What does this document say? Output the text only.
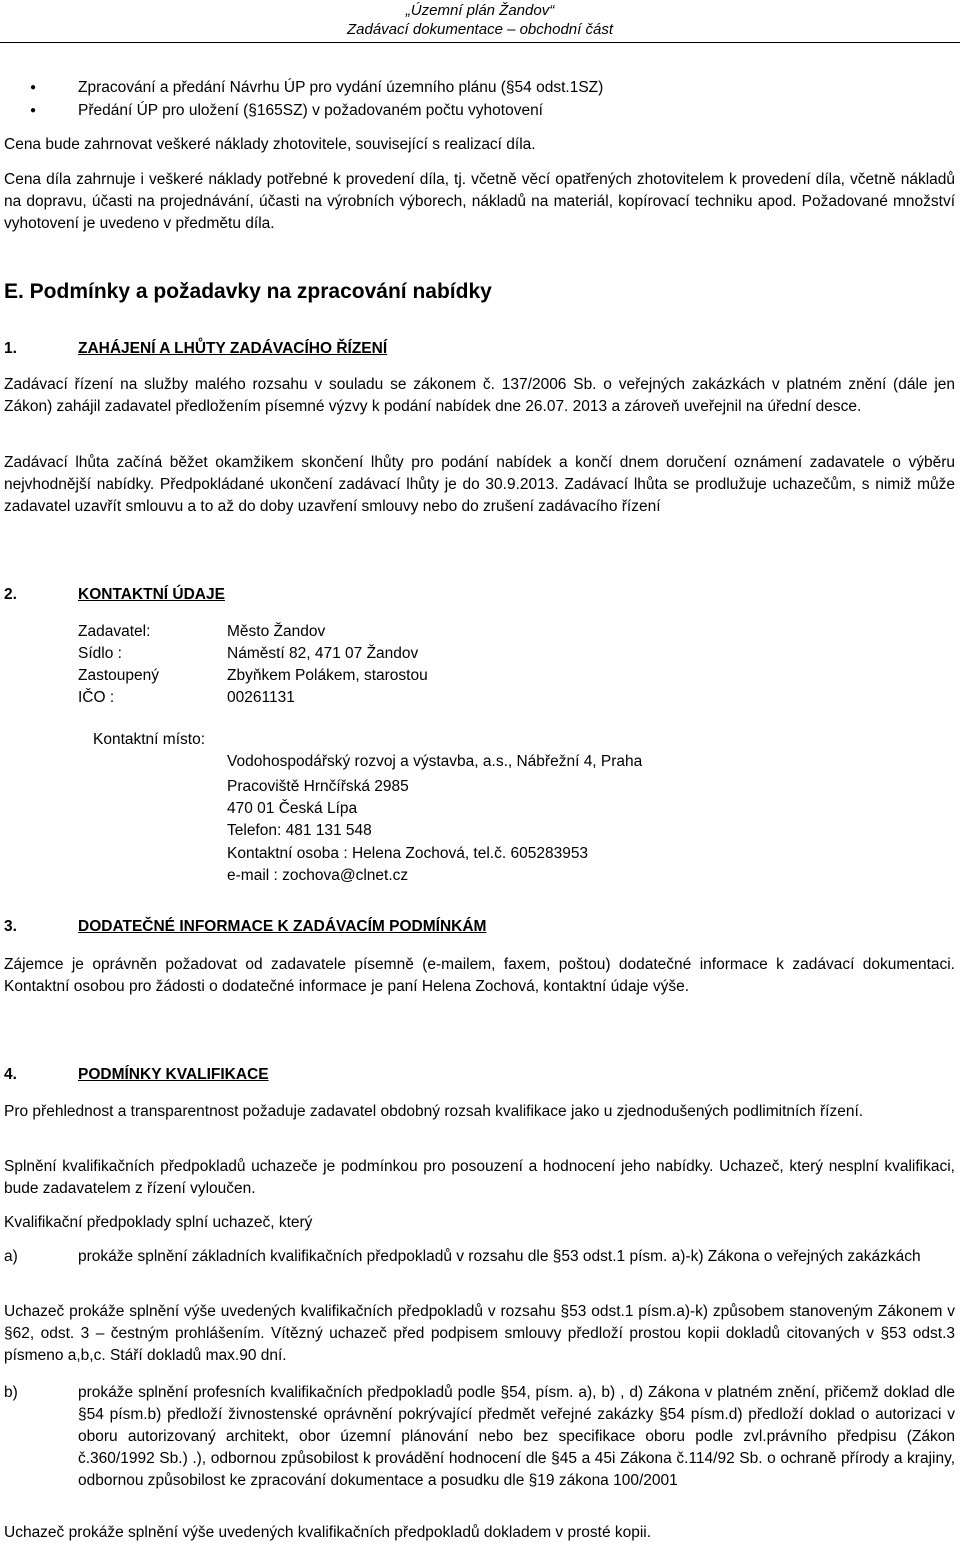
„Územní plán Žandov“
Zadávací dokumentace – obchodní část
●	Zpracování a předání Návrhu ÚP pro vydání územního plánu (§54 odst.1SZ)
●	Předání ÚP pro uložení (§165SZ) v požadovaném počtu vyhotovení
Cena bude zahrnovat veškeré náklady zhotovitele, související s realizací díla.
Cena díla zahrnuje i veškeré náklady potřebné k provedení díla, tj. včetně věcí opatřených zhotovitelem k provedení díla, včetně nákladů na dopravu, účasti na projednávání, účasti na výrobních výborech, nákladů na materiál, kopírovací techniku apod. Požadované množství vyhotovení je uvedeno v předmětu díla.
E. Podmínky a požadavky na zpracování nabídky
1.	ZAHÁJENÍ A LHŮTY ZADÁVACÍHO ŘÍZENÍ
Zadávací řízení na služby malého rozsahu v souladu se zákonem č. 137/2006 Sb. o veřejných zakázkách v platném znění (dále jen Zákon) zahájil zadavatel předložením písemné výzvy k podání nabídek dne 26.07. 2013 a zároveň uveřejnil na úřední desce.
Zadávací lhůta začíná běžet okamžikem skončení lhůty pro podání nabídek a končí dnem doručení oznámení zadavatele o výběru nejvhodnější nabídky. Předpokládané ukončení zadávací lhůty je do 30.9.2013. Zadávací lhůta se prodlužuje uchazečům, s nimiž může zadavatel uzavřít smlouvu a to až do doby uzavření smlouvy nebo do zrušení zadávacího řízení
2.	KONTAKTNÍ ÚDAJE
Zadavatel:	Město Žandov
Sídlo :	Náměstí 82, 471 07 Žandov
Zastoupený	Zbyňkem Polákem, starostou
IČO :	00261131
Kontaktní místo:
Vodohospodářský rozvoj a výstavba, a.s., Nábřežní 4, Praha
Pracoviště Hrnčířská 2985
470 01 Česká Lípa
Telefon: 481 131 548
Kontaktní osoba : Helena Zochová, tel.č. 605283953
e-mail : zochova@clnet.cz
3.	DODATEČNÉ INFORMACE K ZADÁVACÍM PODMÍNKÁM
Zájemce je oprávněn požadovat od zadavatele písemně (e-mailem, faxem, poštou) dodatečné informace k zadávací dokumentaci. Kontaktní osobou pro žádosti o dodatečné informace je paní Helena Zochová, kontaktní údaje výše.
4.	PODMÍNKY KVALIFIKACE
Pro přehlednost a transparentnost požaduje zadavatel obdobný rozsah kvalifikace jako u zjednodušených podlimitních řízení.
Splnění kvalifikačních předpokladů uchazeče je podmínkou pro posouzení a hodnocení jeho nabídky. Uchazeč, který nesplní kvalifikaci, bude zadavatelem z řízení vyloučen.
Kvalifikační předpoklady splní uchazeč, který
a)	prokáže splnění základních kvalifikačních předpokladů v rozsahu dle §53 odst.1 písm. a)-k) Zákona o veřejných zakázkách
Uchazeč prokáže splnění výše uvedených kvalifikačních předpokladů v rozsahu §53 odst.1 písm.a)-k) způsobem stanoveným Zákonem v §62, odst. 3 – čestným prohlášením. Vítězný uchazeč před podpisem smlouvy předloží prostou kopii dokladů citovaných v §53 odst.3 písmeno a,b,c. Stáří dokladů max.90 dní.
b)	prokáže splnění profesních kvalifikačních předpokladů podle §54, písm. a), b) , d) Zákona v platném znění, přičemž doklad dle §54 písm.b) předloží živnostenské oprávnění pokrývající předmět veřejné zakázky §54 písm.d) předloží doklad o autorizaci v oboru autorizovaný architekt, obor územní plánování nebo bez specifikace oboru podle zvl.právního předpisu (Zákon č.360/1992 Sb.) .), odbornou způsobilost k provádění hodnocení dle §45 a 45i Zákona č.114/92 Sb. o ochraně přírody a krajiny, odbornou způsobilost ke zpracování dokumentace a posudku dle §19 zákona 100/2001
Uchazeč prokáže splnění výše uvedených kvalifikačních předpokladů dokladem v prosté kopii.
